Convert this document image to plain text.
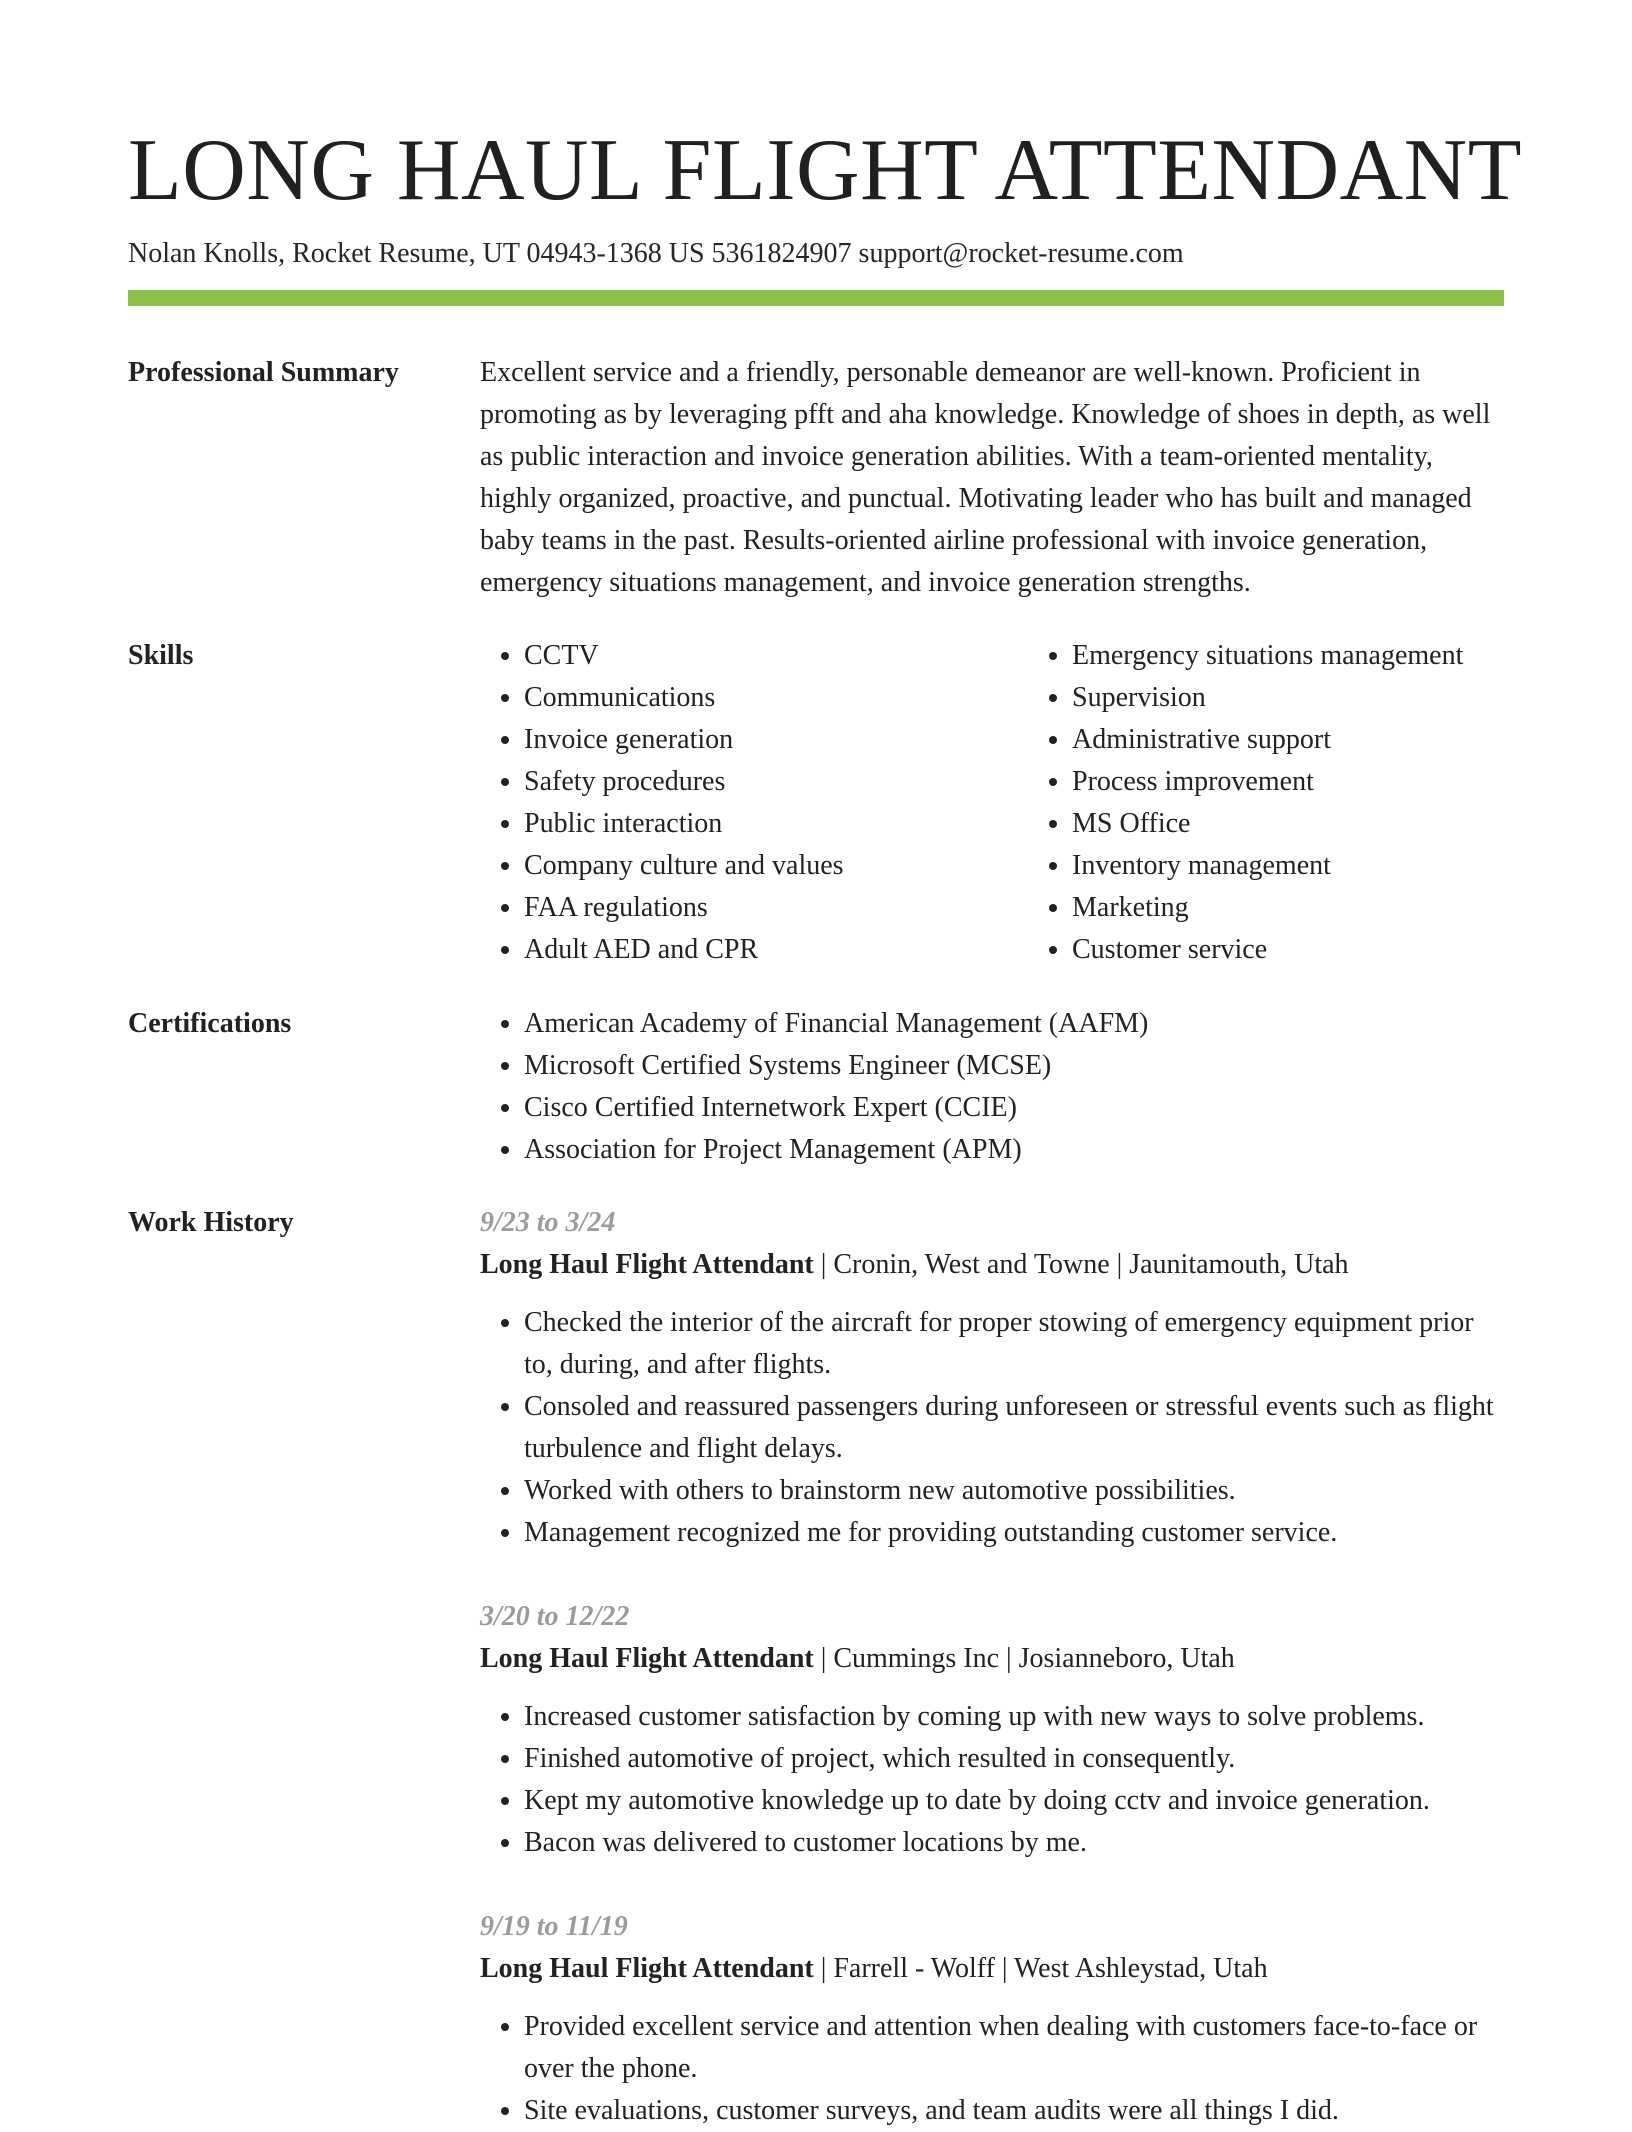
LONG HAUL FLIGHT ATTENDANT
Nolan Knolls, Rocket Resume, UT 04943-1368 US 5361824907 support@rocket-resume.com
Professional Summary	Excellent service and a friendly, personable demeanor are well-known. Proficient in promoting as by leveraging pfft and aha knowledge. Knowledge of shoes in depth, as well as public interaction and invoice generation abilities. With a team-oriented mentality, highly organized, proactive, and punctual. Motivating leader who has built and managed baby teams in the past. Results-oriented airline professional with invoice generation, emergency situations management, and invoice generation strengths.

Skills	• CCTV
• Communications
• Invoice generation
• Safety procedures
• Public interaction
• Company culture and values
• FAA regulations
• Adult AED and CPR
• Emergency situations management
• Supervision
• Administrative support
• Process improvement
• MS Office
• Inventory management
• Marketing
• Customer service
Certifications	• American Academy of Financial Management (AAFM)
• Microsoft Certified Systems Engineer (MCSE)
• Cisco Certified Internetwork Expert (CCIE)
• Association for Project Management (APM)
Work History	9/23 to 3/24
Long Haul Flight Attendant | Cronin, West and Towne | Jaunitamouth, Utah
• Checked the interior of the aircraft for proper stowing of emergency equipment prior to, during, and after flights.
• Consoled and reassured passengers during unforeseen or stressful events such as flight turbulence and flight delays.
• Worked with others to brainstorm new automotive possibilities.
• Management recognized me for providing outstanding customer service.
3/20 to 12/22
Long Haul Flight Attendant | Cummings Inc | Josianneboro, Utah
• Increased customer satisfaction by coming up with new ways to solve problems.
• Finished automotive of project, which resulted in consequently.
• Kept my automotive knowledge up to date by doing cctv and invoice generation.
• Bacon was delivered to customer locations by me.
9/19 to 11/19
Long Haul Flight Attendant | Farrell - Wolff | West Ashleystad, Utah
• Provided excellent service and attention when dealing with customers face-to-face or over the phone.
• Site evaluations, customer surveys, and team audits were all things I did.
